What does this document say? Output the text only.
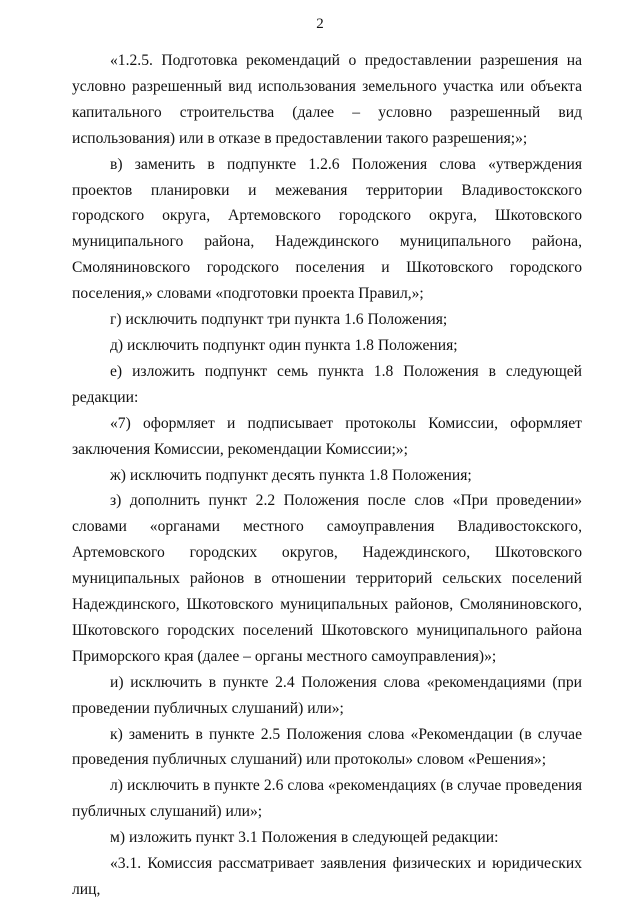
2

«1.2.5. Подготовка рекомендаций о предоставлении разрешения на условно разрешенный вид использования земельного участка или объекта капитального строительства (далее – условно разрешенный вид использования) или в отказе в предоставлении такого разрешения;»;

в) заменить в подпункте 1.2.6 Положения слова «утверждения проектов планировки и межевания территории Владивостокского городского округа, Артемовского городского округа, Шкотовского муниципального района, Надеждинского муниципального района, Смоляниновского городского поселения и Шкотовского городского поселения,» словами «подготовки проекта Правил,»;

г) исключить подпункт три пункта 1.6 Положения;

д) исключить подпункт один пункта 1.8 Положения;

е) изложить подпункт семь пункта 1.8 Положения в следующей редакции:

«7) оформляет и подписывает протоколы Комиссии, оформляет заключения Комиссии, рекомендации Комиссии;»;

ж) исключить подпункт десять пункта 1.8 Положения;

з) дополнить пункт 2.2 Положения после слов «При проведении» словами «органами местного самоуправления Владивостокского, Артемовского городских округов, Надеждинского, Шкотовского муниципальных районов в отношении территорий сельских поселений Надеждинского, Шкотовского муниципальных районов, Смоляниновского, Шкотовского городских поселений Шкотовского муниципального района Приморского края (далее – органы местного самоуправления)»;

и) исключить в пункте 2.4 Положения слова «рекомендациями (при проведении публичных слушаний) или»;

к) заменить в пункте 2.5 Положения слова «Рекомендации (в случае проведения публичных слушаний) или протоколы» словом «Решения»;

л) исключить в пункте 2.6 слова «рекомендациях (в случае проведения публичных слушаний) или»;

м) изложить пункт 3.1 Положения в следующей редакции:

«3.1. Комиссия рассматривает заявления физических и юридических лиц,
